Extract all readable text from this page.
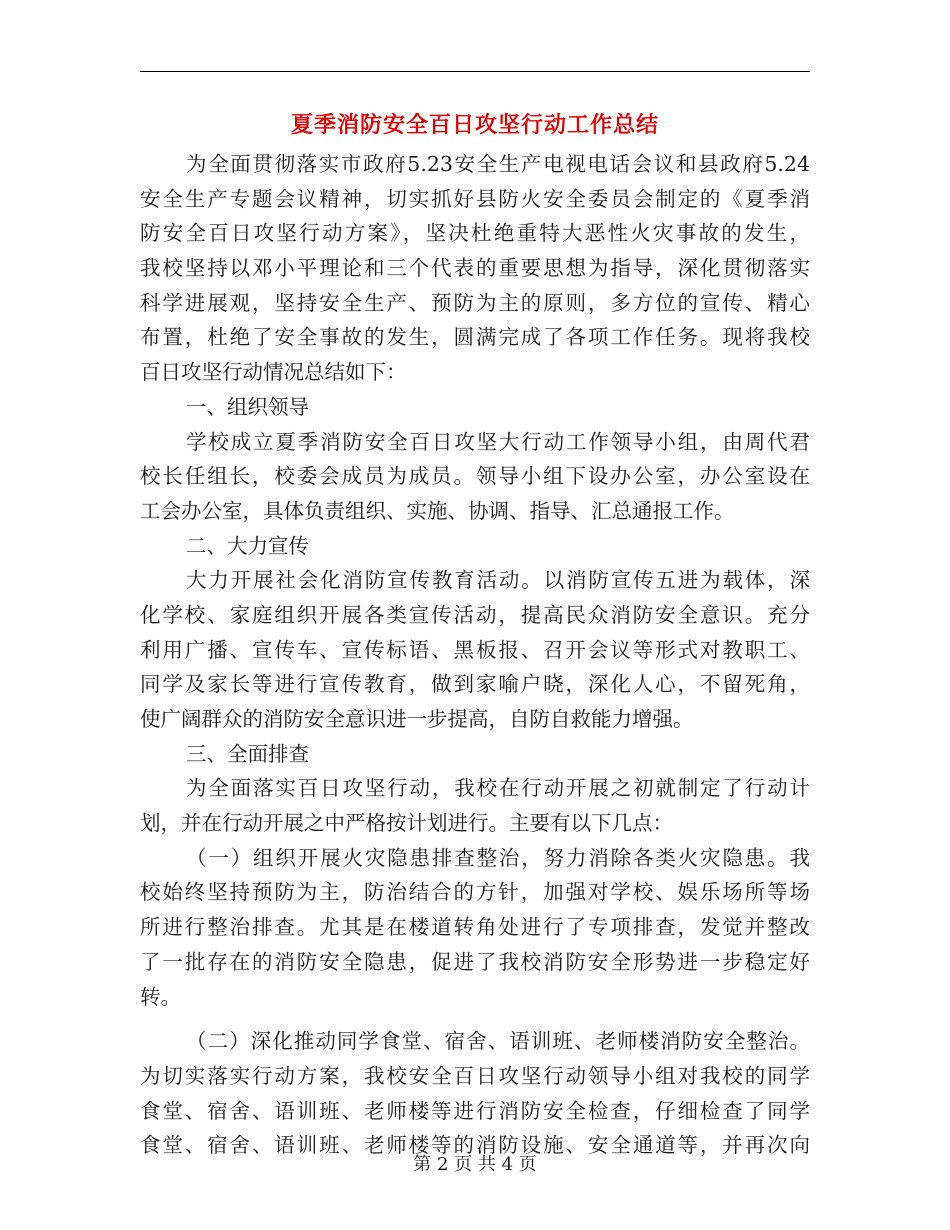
夏季消防安全百日攻坚行动工作总结
为全面贯彻落实市政府5.23安全生产电视电话会议和县政府5.24
安全生产专题会议精神，切实抓好县防火安全委员会制定的《夏季消
防安全百日攻坚行动方案》，坚决杜绝重特大恶性火灾事故的发生，
我校坚持以邓小平理论和三个代表的重要思想为指导，深化贯彻落实
科学进展观，坚持安全生产、预防为主的原则，多方位的宣传、精心
布置，杜绝了安全事故的发生，圆满完成了各项工作任务。现将我校
百日攻坚行动情况总结如下：
一、组织领导
学校成立夏季消防安全百日攻坚大行动工作领导小组，由周代君
校长任组长，校委会成员为成员。领导小组下设办公室，办公室设在
工会办公室，具体负责组织、实施、协调、指导、汇总通报工作。
二、大力宣传
大力开展社会化消防宣传教育活动。以消防宣传五进为载体，深
化学校、家庭组织开展各类宣传活动，提高民众消防安全意识。充分
利用广播、宣传车、宣传标语、黑板报、召开会议等形式对教职工、
同学及家长等进行宣传教育，做到家喻户晓，深化人心，不留死角，
使广阔群众的消防安全意识进一步提高，自防自救能力增强。
三、全面排查
为全面落实百日攻坚行动，我校在行动开展之初就制定了行动计
划，并在行动开展之中严格按计划进行。主要有以下几点：
（一）组织开展火灾隐患排查整治，努力消除各类火灾隐患。我
校始终坚持预防为主，防治结合的方针，加强对学校、娱乐场所等场
所进行整治排查。尤其是在楼道转角处进行了专项排查，发觉并整改
了一批存在的消防安全隐患，促进了我校消防安全形势进一步稳定好
转。
（二）深化推动同学食堂、宿舍、语训班、老师楼消防安全整治。
为切实落实行动方案，我校安全百日攻坚行动领导小组对我校的同学
食堂、宿舍、语训班、老师楼等进行消防安全检查，仔细检查了同学
食堂、宿舍、语训班、老师楼等的消防设施、安全通道等，并再次向
第 2 页 共 4 页
